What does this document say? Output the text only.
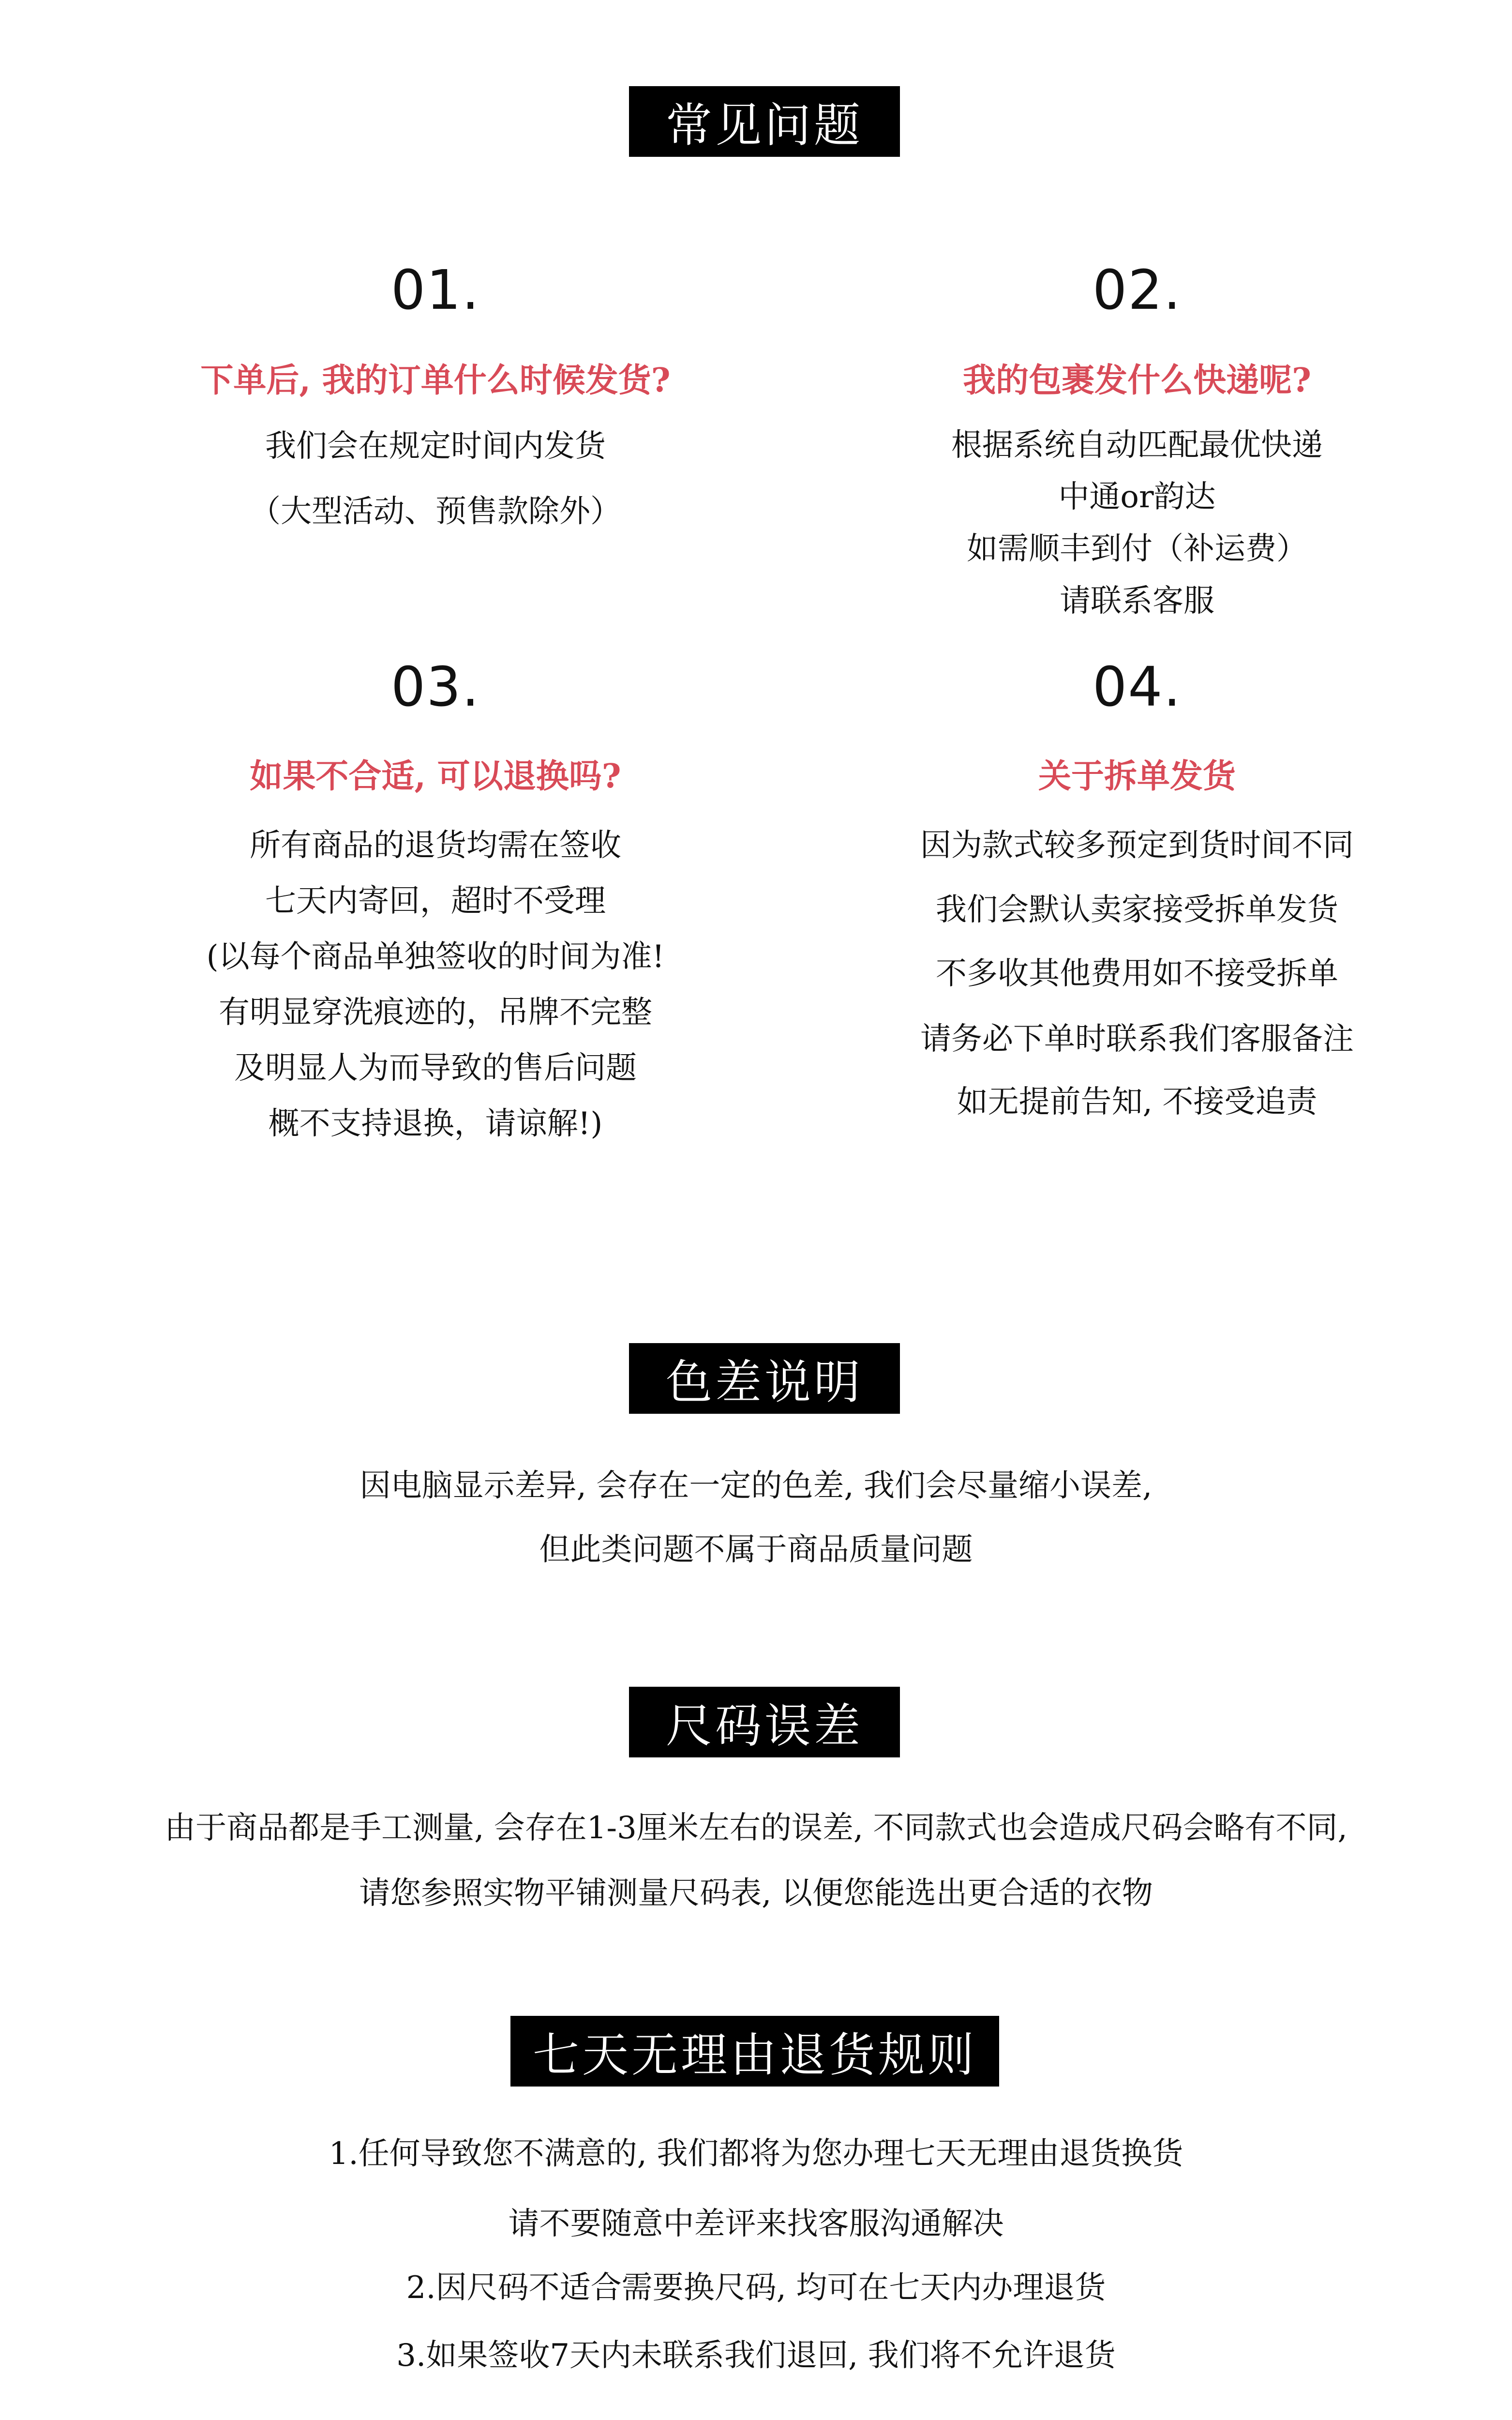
常见问题
01.
下单后, 我的订单什么时候发货?
我们会在规定时间内发货
（大型活动、预售款除外）
02.
我的包裹发什么快递呢?
根据系统自动匹配最优快递
中通or韵达
如需顺丰到付（补运费）
请联系客服
03.
如果不合适, 可以退换吗?
所有商品的退货均需在签收
七天内寄回，超时不受理
(以每个商品单独签收的时间为准!
有明显穿洗痕迹的，吊牌不完整
及明显人为而导致的售后问题
概不支持退换，请谅解!)
04.
关于拆单发货
因为款式较多预定到货时间不同
我们会默认卖家接受拆单发货
不多收其他费用如不接受拆单
请务必下单时联系我们客服备注
如无提前告知, 不接受追责
色差说明
因电脑显示差异, 会存在一定的色差, 我们会尽量缩小误差,
但此类问题不属于商品质量问题
尺码误差
由于商品都是手工测量, 会存在1-3厘米左右的误差, 不同款式也会造成尺码会略有不同,
请您参照实物平铺测量尺码表, 以便您能选出更合适的衣物
七天无理由退货规则
1.任何导致您不满意的, 我们都将为您办理七天无理由退货换货
请不要随意中差评来找客服沟通解决
2.因尺码不适合需要换尺码, 均可在七天内办理退货
3.如果签收7天内未联系我们退回, 我们将不允许退货
